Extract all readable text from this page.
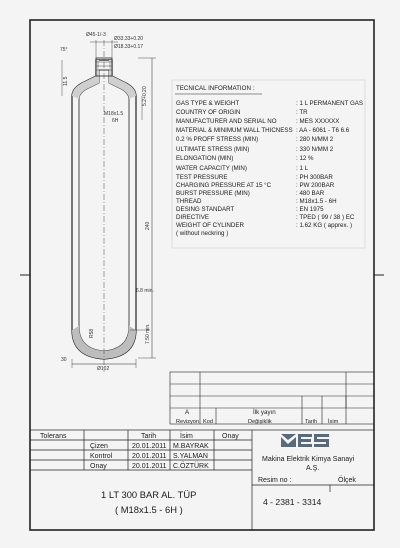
Ø45-1/-3
Ø33.33+0.20
Ø18.33+0.17
M18x1.5
6H
240
5.2+0.20
11.5
6.8 min.
R58	7.50 min.
Ø102
30
75°
TECNICAL INFORMATION :
GAS TYPE & WEIGHT	: 1 L PERMANENT GAS
COUNTRY OF ORIGIN	: TR
MANUFACTURER AND SERIAL NO	: MES XXXXXX
MATERIAL & MINIMUM WALL THICNESS : AA - 6061 - T6 6.6
0.2 % PROFF STRESS (MIN)	: 280 N/MM 2
ULTIMATE STRESS (MIN)	: 330 N/MM 2
ELONGATION (MIN)	: 12 %
WATER CAPACITY (MIN)	: 1 L
TEST PRESSURE	: PH 300BAR
CHARGING PRESSURE AT 15 °C	: PW 200BAR
BURST PRESSURE (MIN)	: 480 BAR
THREAD	: M18x1.5 - 6H
DESING STANDART	: EN 1975
DIRECTIVE	: TPED ( 99 / 38 ) EC
WEIGHT OF CYLINDER	: 1.62 KG ( apprex. )
( without neckring )
A	İlk yayın
Revizyon Kod	Değişiklik	Tarih İsim
Tolerans	Tarih	İsim	Onay
Çizen	20.01.2011 M.BAYRAK
Kontrol	20.01.2011 S.YALMAN
Onay	20.01.2011 C.ÖZTÜRK
Makina Elektrik Kimya Sanayi
A.Ş.
Resim no :	Ölçek
1 LT 300 BAR AL. TÜP
( M18x1.5 - 6H )
4 - 2381 - 3314
